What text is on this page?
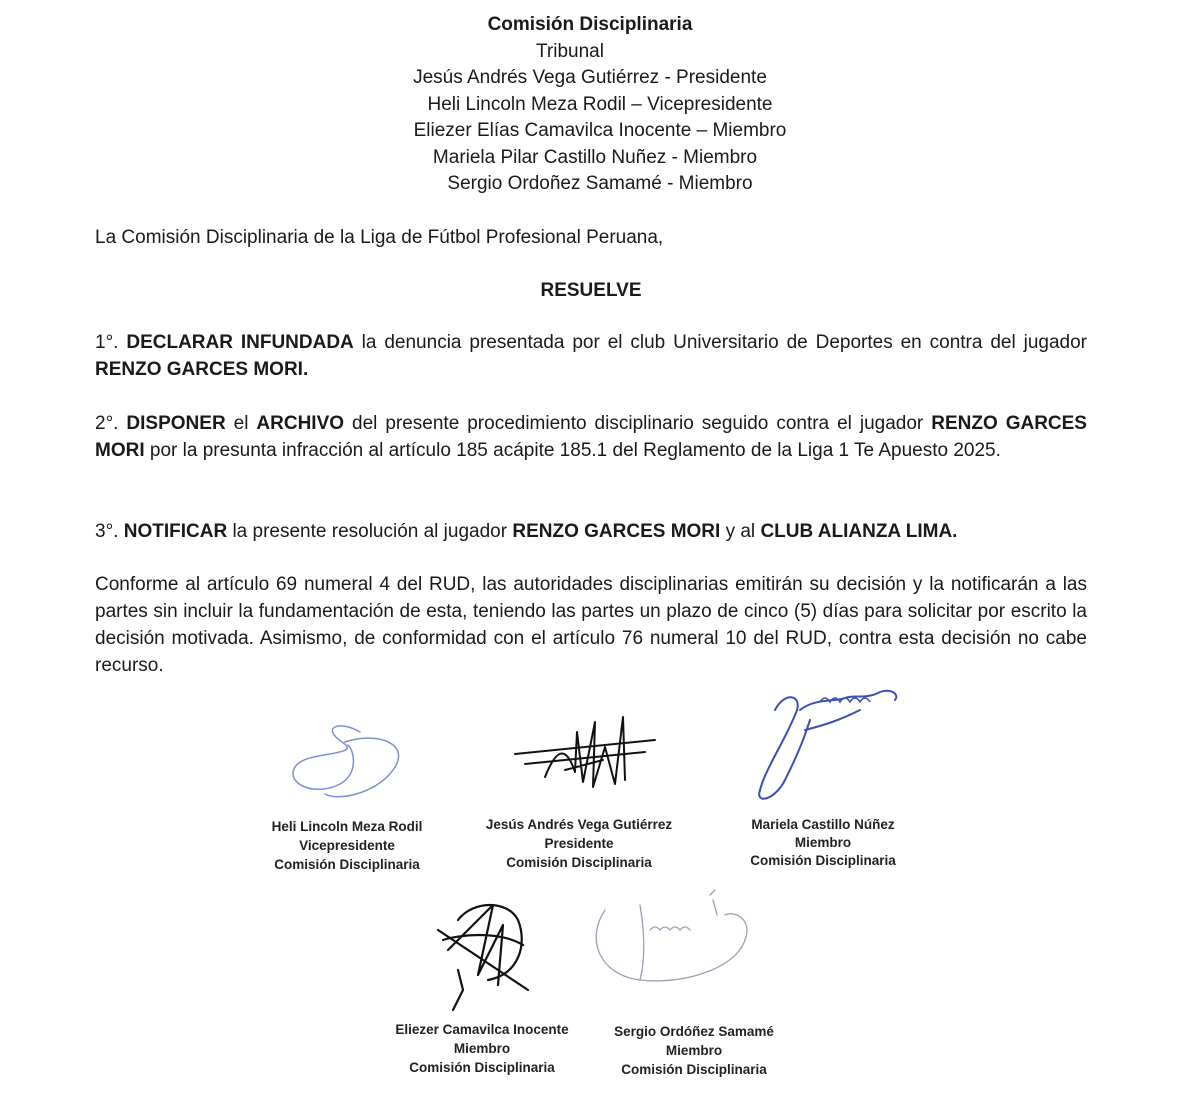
Comisión Disciplinaria
Tribunal
Jesús Andrés Vega Gutiérrez - Presidente
Heli Lincoln Meza Rodil – Vicepresidente
Eliezer Elías Camavilca Inocente – Miembro
Mariela Pilar Castillo Nuñez - Miembro
Sergio Ordoñez Samamé - Miembro
La Comisión Disciplinaria de la Liga de Fútbol Profesional Peruana,
RESUELVE
1°. DECLARAR INFUNDADA la denuncia presentada por el club Universitario de Deportes en contra del jugador RENZO GARCES MORI.
2°. DISPONER el ARCHIVO del presente procedimiento disciplinario seguido contra el jugador RENZO GARCES MORI por la presunta infracción al artículo 185 acápite 185.1 del Reglamento de la Liga 1 Te Apuesto 2025.
3°. NOTIFICAR la presente resolución al jugador RENZO GARCES MORI y al CLUB ALIANZA LIMA.
Conforme al artículo 69 numeral 4 del RUD, las autoridades disciplinarias emitirán su decisión y la notificarán a las partes sin incluir la fundamentación de esta, teniendo las partes un plazo de cinco (5) días para solicitar por escrito la decisión motivada. Asimismo, de conformidad con el artículo 76 numeral 10 del RUD, contra esta decisión no cabe recurso.
Heli Lincoln Meza Rodil
Vicepresidente
Comisión Disciplinaria
Jesús Andrés Vega Gutiérrez
Presidente
Comisión Disciplinaria
Mariela Castillo Núñez
Miembro
Comisión Disciplinaria
Eliezer Camavilca Inocente
Miembro
Comisión Disciplinaria
Sergio Ordóñez Samamé
Miembro
Comisión Disciplinaria
